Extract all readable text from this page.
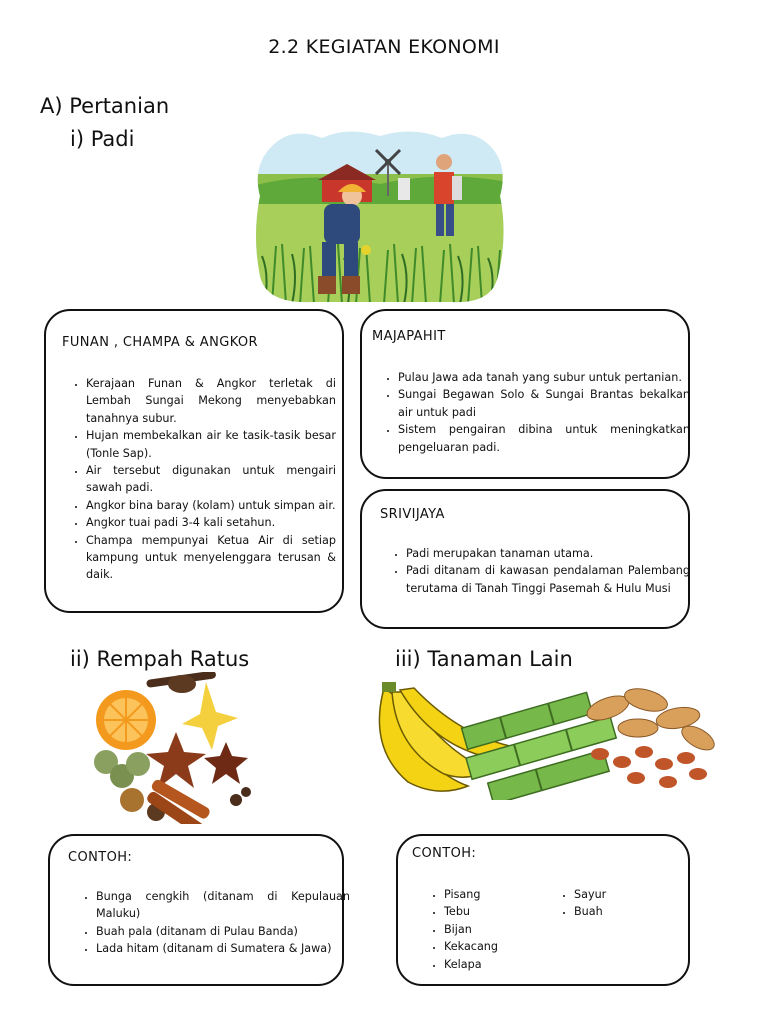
2.2 KEGIATAN EKONOMI
A) Pertanian
i) Padi
FUNAN , CHAMPA & ANGKOR
• Kerajaan Funan & Angkor terletak di Lembah Sungai Mekong menyebabkan tanahnya subur.
• Hujan membekalkan air ke tasik-tasik besar (Tonle Sap).
• Air tersebut digunakan untuk mengairi sawah padi.
• Angkor bina baray (kolam) untuk simpan air.
• Angkor tuai padi 3-4 kali setahun.
• Champa mempunyai Ketua Air di setiap kampung untuk menyelenggara terusan & daik.
MAJAPAHIT
• Pulau Jawa ada tanah yang subur untuk pertanian.
• Sungai Begawan Solo & Sungai Brantas bekalkan air untuk padi
• Sistem pengairan dibina untuk meningkatkan pengeluaran padi.
SRIVIJAYA
• Padi merupakan tanaman utama.
• Padi ditanam di kawasan pendalaman Palembang terutama di Tanah Tinggi Pasemah & Hulu Musi
ii) Rempah Ratus	iii) Tanaman Lain
CONTOH:
• Bunga cengkih (ditanam di Kepulauan Maluku)
• Buah pala (ditanam di Pulau Banda)
• Lada hitam (ditanam di Sumatera & Jawa)
CONTOH:
• Pisang
• Tebu
• Bijan
• Kekacang
• Kelapa
• Sayur
• Buah
